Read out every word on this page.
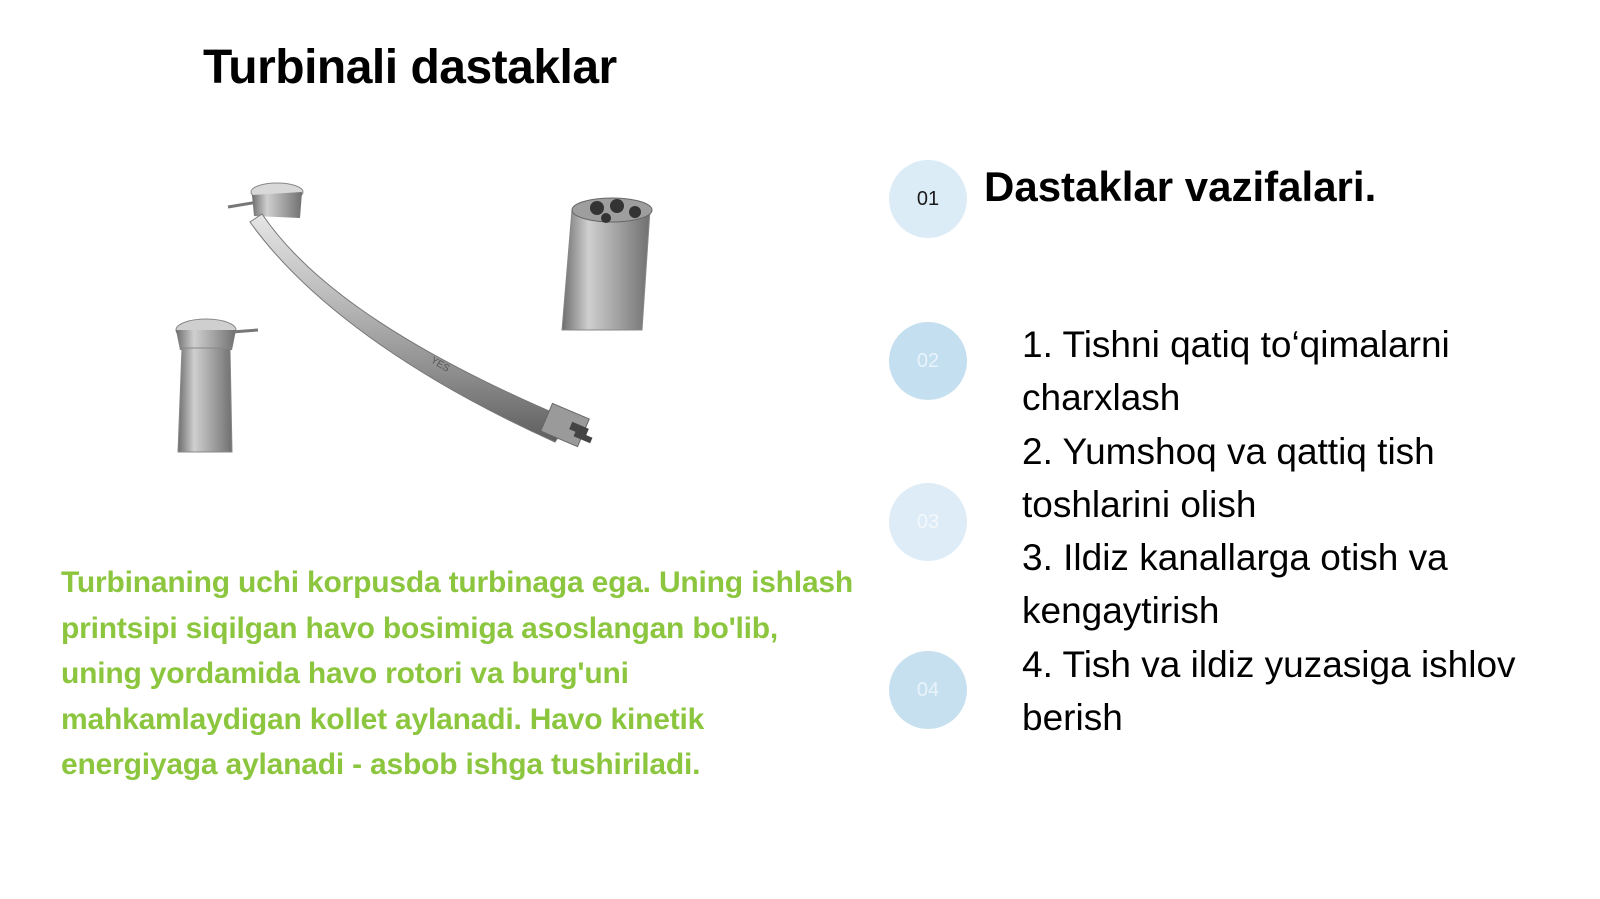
Turbinali dastaklar
YES
Turbinaning uchi korpusda turbinaga ega. Uning ishlash printsipi siqilgan havo bosimiga asoslangan bo'lib, uning yordamida havo rotori va burg'uni mahkamlaydigan kollet aylanadi. Havo kinetik energiyaga aylanadi - asbob ishga tushiriladi.
01
02
03
04
Dastaklar vazifalari.
1. Tishni qatiq to‘qimalarni charxlash
2. Yumshoq va qattiq tish toshlarini olish
3. Ildiz kanallarga otish va kengaytirish
4. Tish va ildiz yuzasiga ishlov berish
